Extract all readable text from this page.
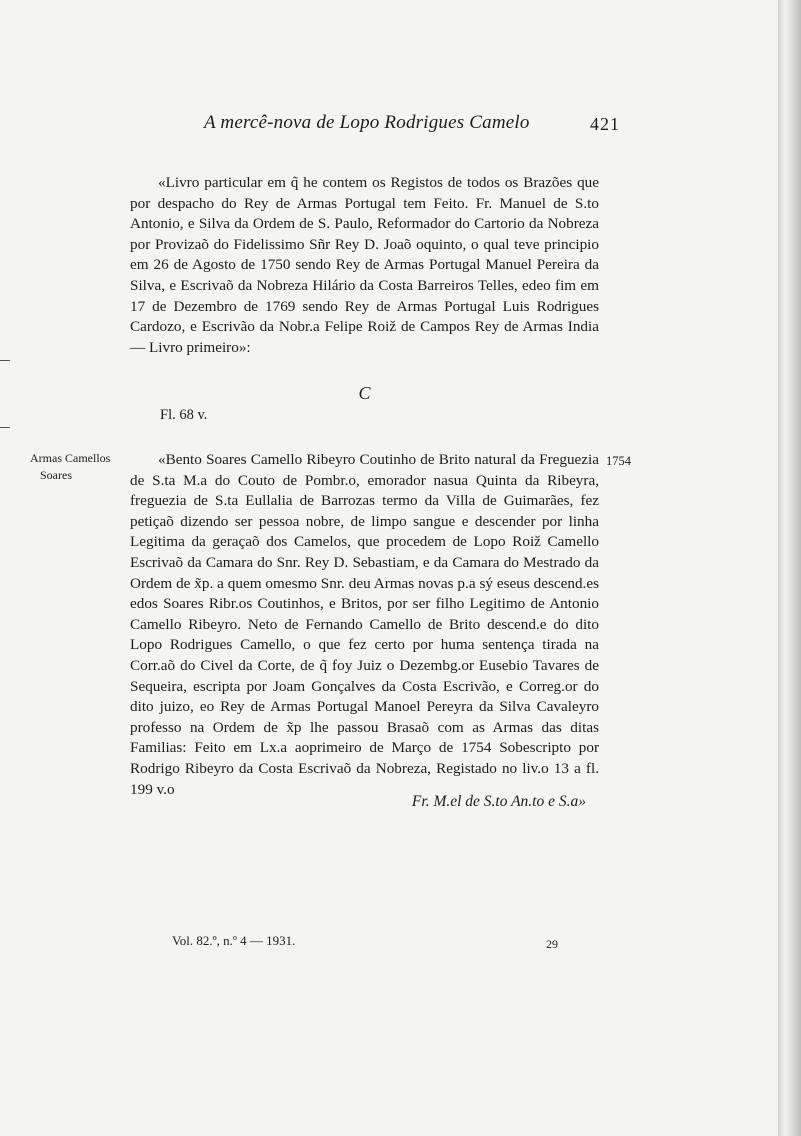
A mercê-nova de Lopo Rodrigues Camelo	421

«Livro particular em q̃ he contem os Registos de todos os Brazões que por despacho do Rey de Armas Portugal tem Feito. Fr. Manuel de S.to Antonio, e Silva da Ordem de S. Paulo, Reformador do Cartorio da Nobreza por Provizaõ do Fidelissimo Sñr Rey D. Joaõ oquinto, o qual teve principio em 26 de Agosto de 1750 sendo Rey de Armas Portugal Manuel Pereira da Silva, e Escrivaõ da Nobreza Hilário da Costa Barreiros Telles, edeo fim em 17 de Dezembro de 1769 sendo Rey de Armas Portugal Luis Rodrigues Cardozo, e Escrivão da Nobr.a Felipe Roiž de Campos Rey de Armas India — Livro primeiro»:

C
Fl. 68 v.
Armas Camellos
Soares
1754

«Bento Soares Camello Ribeyro Coutinho de Brito natural da Freguezia de S.ta M.a do Couto de Pombr.o, emorador nasua Quinta da Ribeyra, freguezia de S.ta Eullalia de Barrozas termo da Villa de Guimarães, fez petiçaõ dizendo ser pessoa nobre, de limpo sangue e descender por linha Legitima da geraçaõ dos Camelos, que procedem de Lopo Roiž Camello Escrivaõ da Camara do Snr. Rey D. Sebastiam, e da Camara do Mestrado da Ordem de x̃p. a quem omesmo Snr. deu Armas novas p.a sý eseus descend.es edos Soares Ribr.os Coutinhos, e Britos, por ser filho Legitimo de Antonio Camello Ribeyro. Neto de Fernando Camello de Brito descend.e do dito Lopo Rodrigues Camello, o que fez certo por huma sentença tirada na Corr.aõ do Civel da Corte, de q̃ foy Juiz o Dezembg.or Eusebio Tavares de Sequeira, escripta por Joam Gonçalves da Costa Escrivão, e Correg.or do dito juizo, eo Rey de Armas Portugal Manoel Pereyra da Silva Cavaleyro professo na Ordem de x̃p lhe passou Brasaõ com as Armas das ditas Familias: Feito em Lx.a aoprimeiro de Março de 1754 Sobescripto por Rodrigo Ribeyro da Costa Escrivaõ da Nobreza, Registado no liv.o 13 a fl. 199 v.o

Fr. M.el de S.to An.to e S.a»
Vol. 82.º, n.º 4 — 1931.	29
